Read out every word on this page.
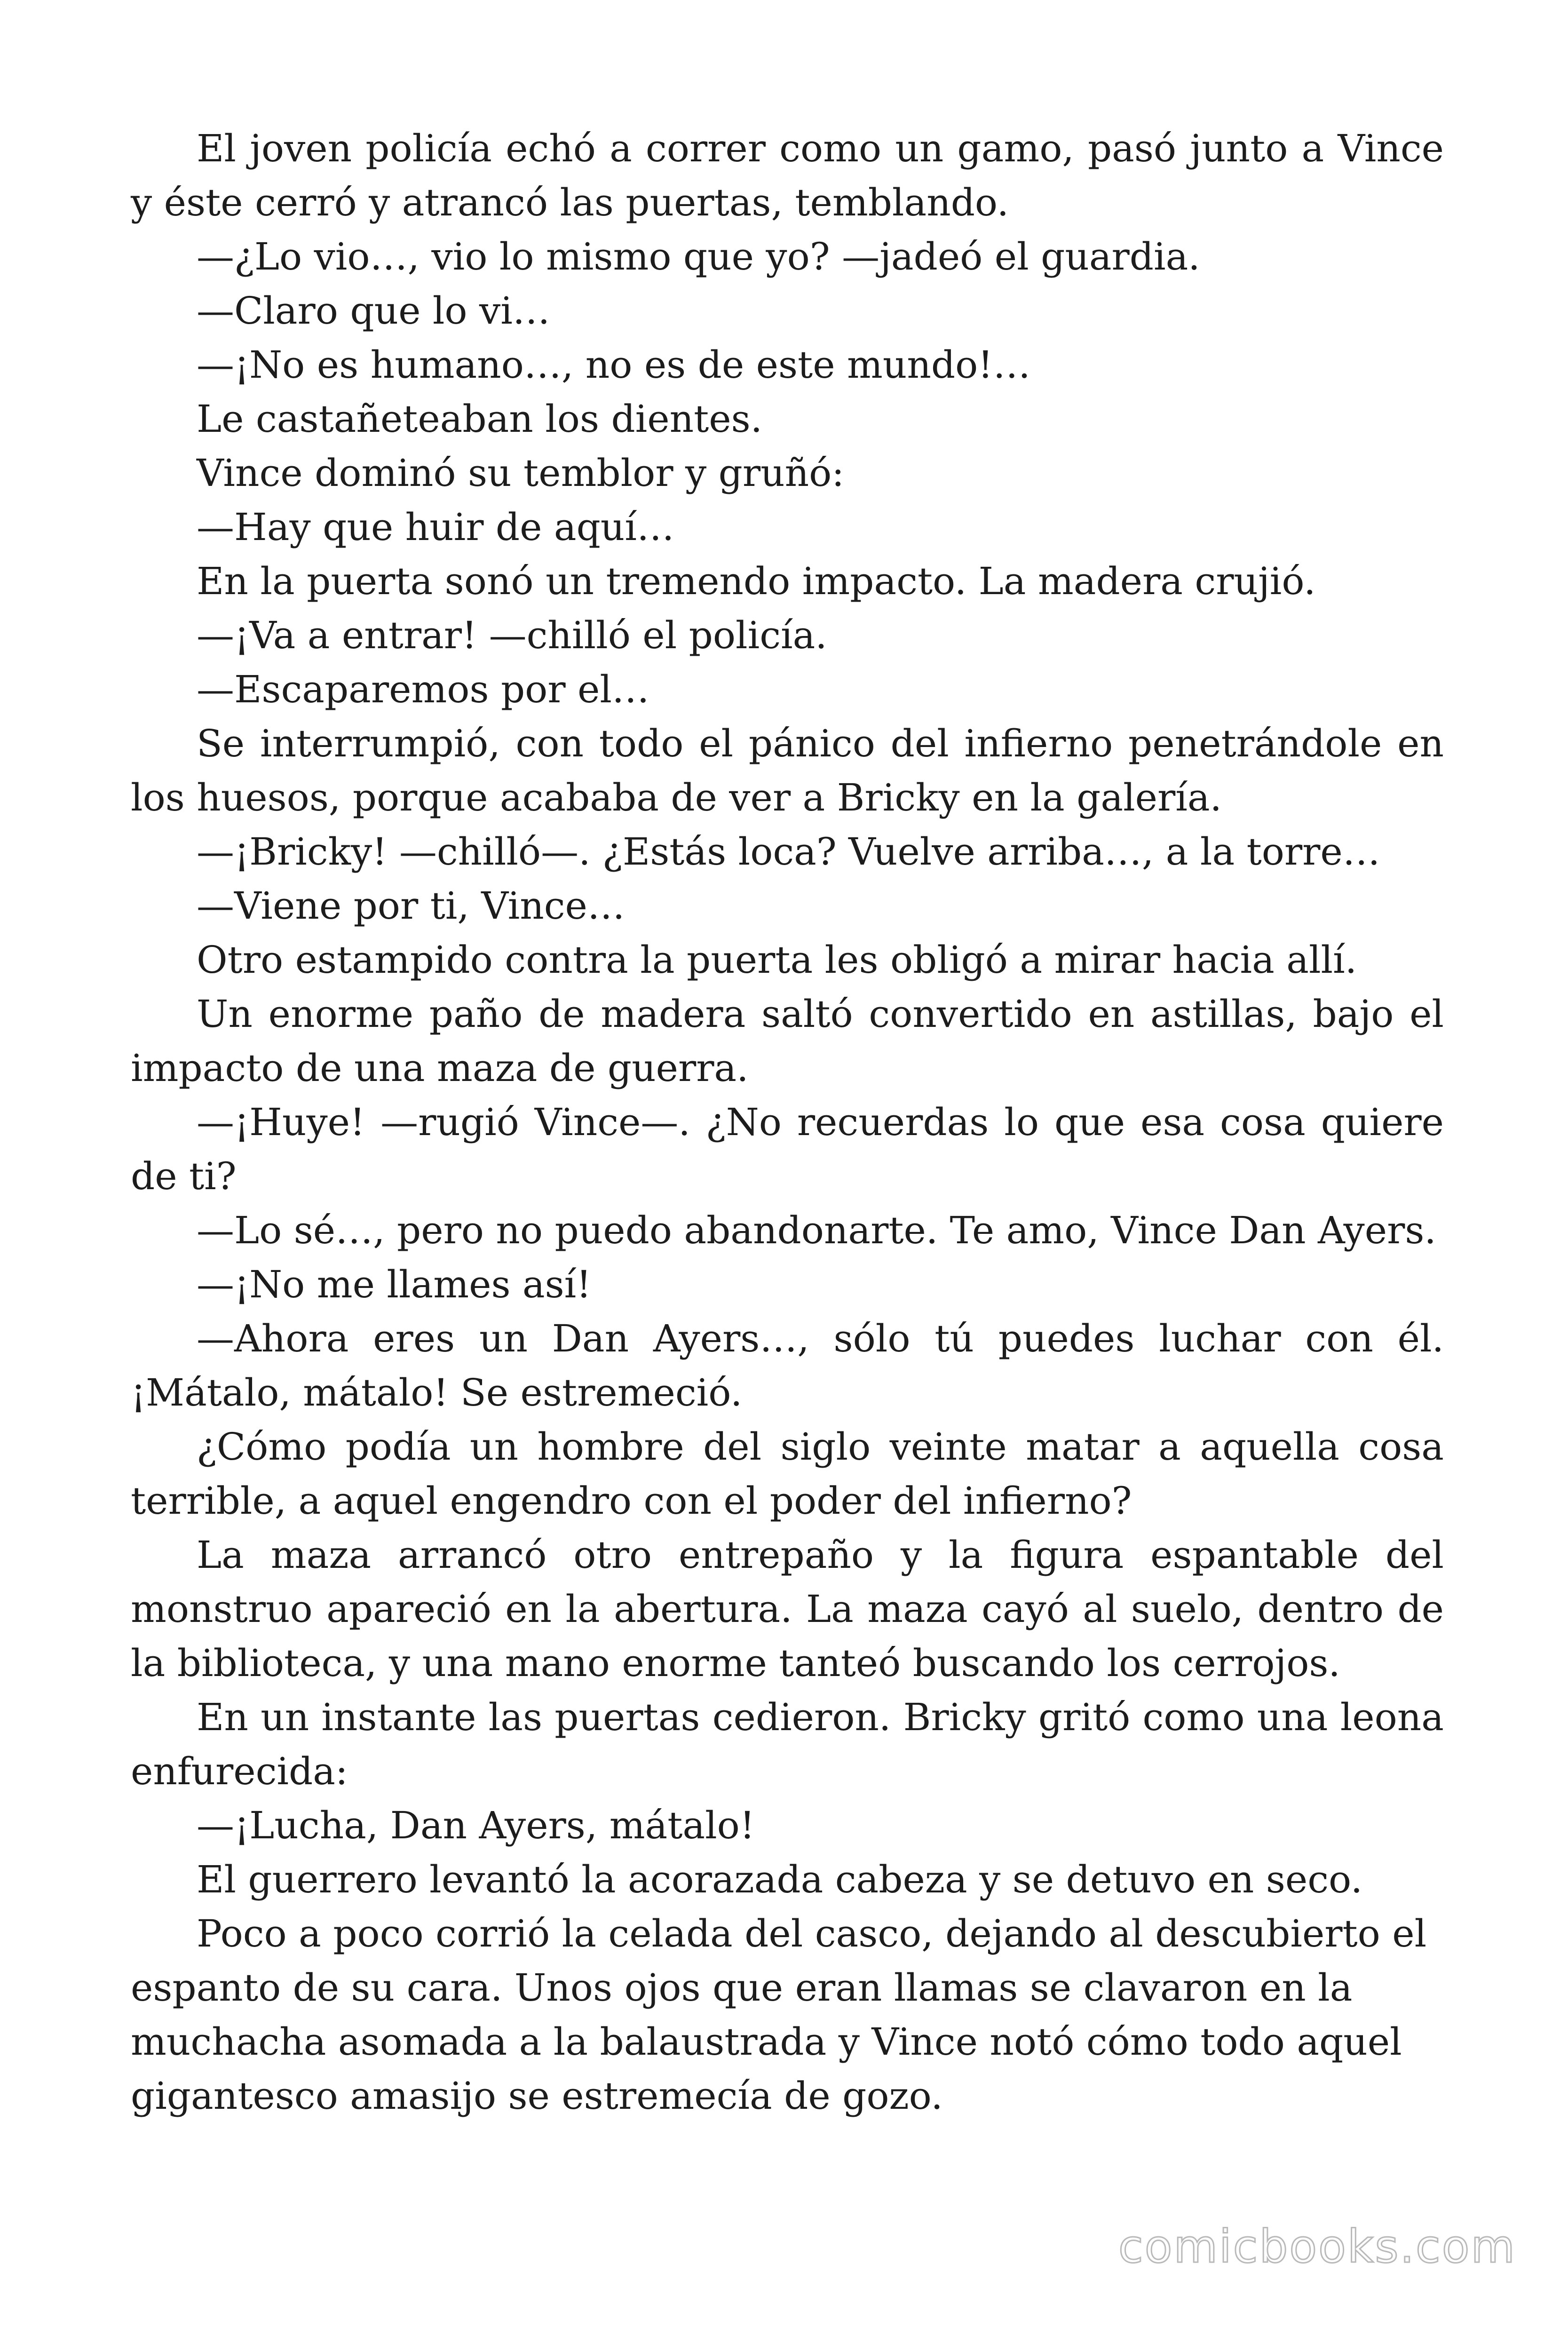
El joven policía echó a correr como un gamo, pasó junto a Vince y éste cerró y atrancó las puertas, temblando.

—¿Lo vio…, vio lo mismo que yo? —jadeó el guardia.

—Claro que lo vi…

—¡No es humano…, no es de este mundo!…

Le castañeteaban los dientes.

Vince dominó su temblor y gruñó:

—Hay que huir de aquí…

En la puerta sonó un tremendo impacto. La madera crujió.

—¡Va a entrar! —chilló el policía.

—Escaparemos por el…

Se interrumpió, con todo el pánico del infierno penetrándole en los huesos, porque acababa de ver a Bricky en la galería.

—¡Bricky! —chilló—. ¿Estás loca? Vuelve arriba…, a la torre…

—Viene por ti, Vince…

Otro estampido contra la puerta les obligó a mirar hacia allí.

Un enorme paño de madera saltó convertido en astillas, bajo el impacto de una maza de guerra.

—¡Huye! —rugió Vince—. ¿No recuerdas lo que esa cosa quiere de ti?

—Lo sé…, pero no puedo abandonarte. Te amo, Vince Dan Ayers.

—¡No me llames así!

—Ahora eres un Dan Ayers…, sólo tú puedes luchar con él. ¡Mátalo, mátalo! Se estremeció.

¿Cómo podía un hombre del siglo veinte matar a aquella cosa terrible, a aquel engendro con el poder del infierno?

La maza arrancó otro entrepaño y la figura espantable del monstruo apareció en la abertura. La maza cayó al suelo, dentro de la biblioteca, y una mano enorme tanteó buscando los cerrojos.

En un instante las puertas cedieron. Bricky gritó como una leona enfurecida:

—¡Lucha, Dan Ayers, mátalo!

El guerrero levantó la acorazada cabeza y se detuvo en seco.

Poco a poco corrió la celada del casco, dejando al descubierto el espanto de su cara. Unos ojos que eran llamas se clavaron en la muchacha asomada a la balaustrada y Vince notó cómo todo aquel gigantesco amasijo se estremecía de gozo.

comicbooks.com
